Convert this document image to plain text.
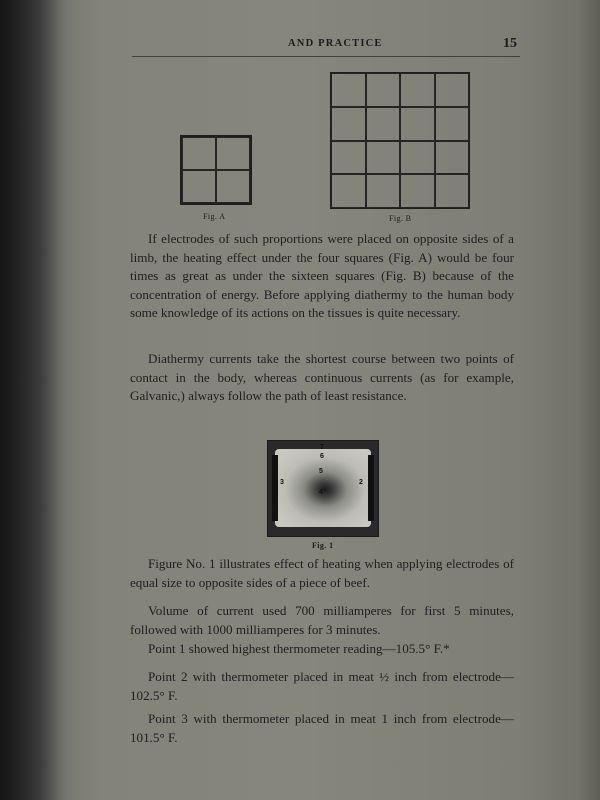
AND PRACTICE	15
Fig. A	Fig. B

If electrodes of such proportions were placed on opposite sides of a limb, the heating effect under the four squares (Fig. A) would be four times as great as under the sixteen squares (Fig. B) because of the concentration of energy. Before applying diathermy to the human body some knowledge of its actions on the tissues is quite necessary.

Diathermy currents take the shortest course between two points of contact in the body, whereas continuous currents (as for example, Galvanic,) always follow the path of least resistance.

7
6
5
4
3	2
Fig. 1

Figure No. 1 illustrates effect of heating when applying electrodes of equal size to opposite sides of a piece of beef.

Volume of current used 700 milliamperes for first 5 minutes, followed with 1000 milliamperes for 3 minutes.

Point 1 showed highest thermometer reading—105.5° F.*

Point 2 with thermometer placed in meat ½ inch from electrode—102.5° F.

Point 3 with thermometer placed in meat 1 inch from electrode—101.5° F.
